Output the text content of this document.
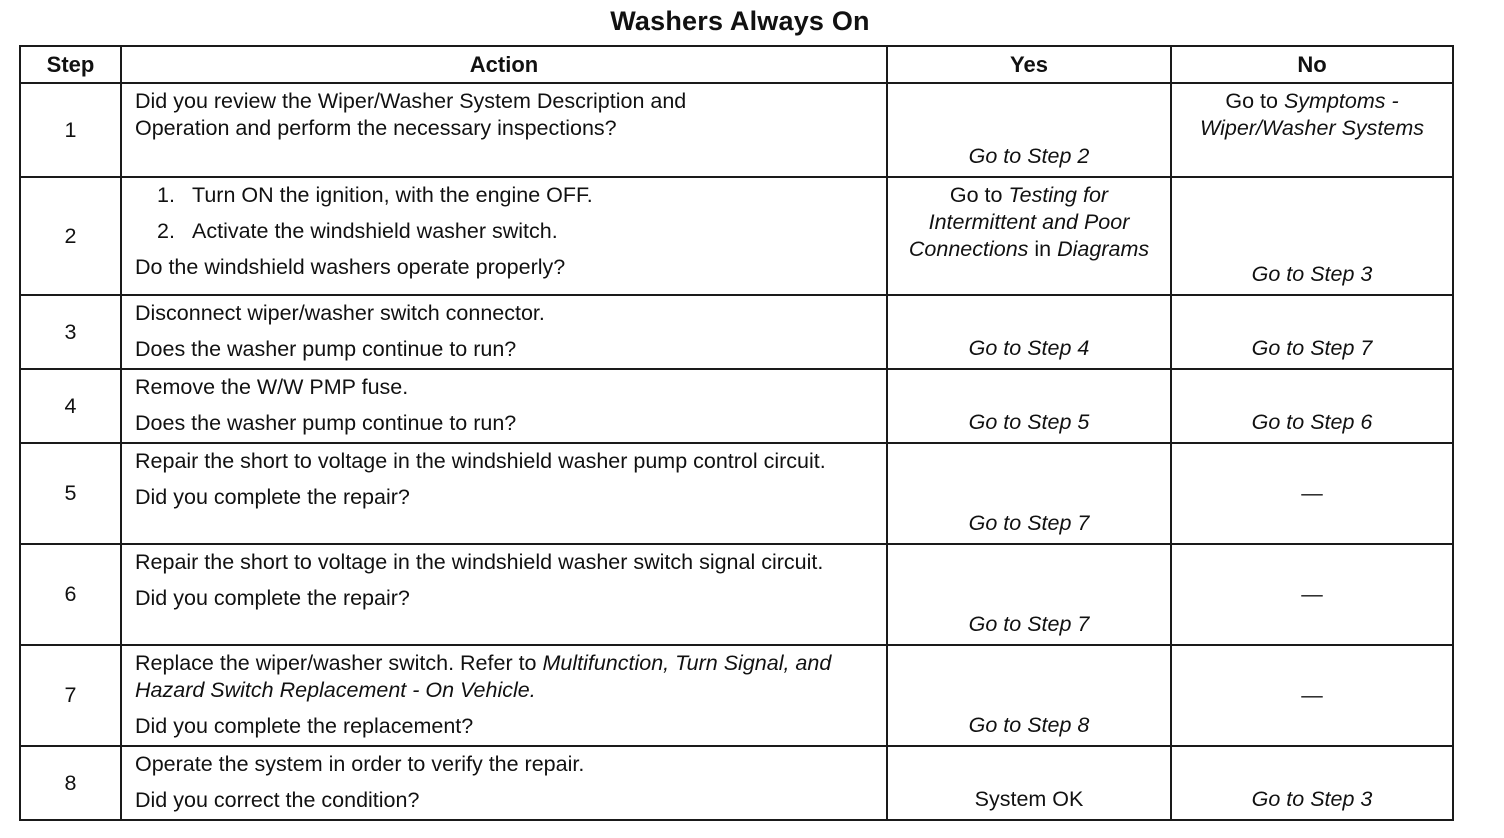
Washers Always On
Step	Action	Yes	No
1	Did you review the Wiper/Washer System Description and
Operation and perform the necessary inspections?	Go to Step 2	Go to Symptoms - Wiper/Washer Systems
2	1. Turn ON the ignition, with the engine OFF.
2. Activate the windshield washer switch.
Do the windshield washers operate properly?	Go to Testing for Intermittent and Poor Connections in Diagrams	Go to Step 3
3	Disconnect wiper/washer switch connector.
Does the washer pump continue to run?	Go to Step 4	Go to Step 7
4	Remove the W/W PMP fuse.
Does the washer pump continue to run?	Go to Step 5	Go to Step 6
5	Repair the short to voltage in the windshield washer pump control circuit.
Did you complete the repair?	Go to Step 7	—
6	Repair the short to voltage in the windshield washer switch signal circuit.
Did you complete the repair?	Go to Step 7	—
7	Replace the wiper/washer switch. Refer to Multifunction, Turn Signal, and Hazard Switch Replacement - On Vehicle.
Did you complete the replacement?	Go to Step 8	—
8	Operate the system in order to verify the repair.
Did you correct the condition?	System OK	Go to Step 3
